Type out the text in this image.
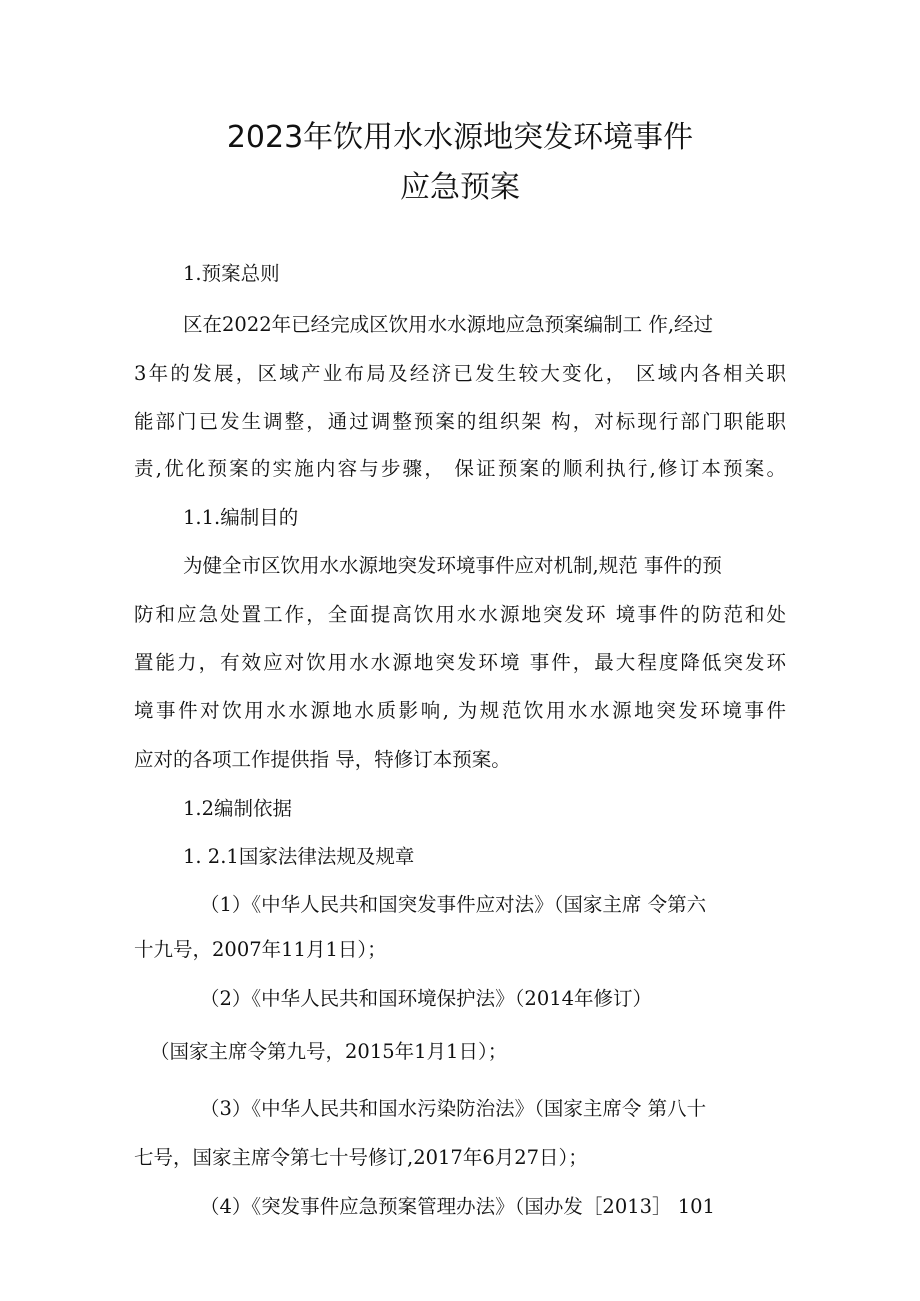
2023年饮用水水源地突发环境事件
应急预案
1.预案总则
区在2022年已经完成区饮用水水源地应急预案编制工 作,经过
3年的发展，区域产业布局及经济已发生较大变化， 区域内各相关职
能部门已发生调整，通过调整预案的组织架 构，对标现行部门职能职
责,优化预案的实施内容与步骤， 保证预案的顺利执行,修订本预案。
1.1.编制目的
为健全市区饮用水水源地突发环境事件应对机制,规范 事件的预
防和应急处置工作，全面提高饮用水水源地突发环 境事件的防范和处
置能力，有效应对饮用水水源地突发环境 事件，最大程度降低突发环
境事件对饮用水水源地水质影响, 为规范饮用水水源地突发环境事件
应对的各项工作提供指 导，特修订本预案。
1.2编制依据
1. 2.1国家法律法规及规章
（1）《中华人民共和国突发事件应对法》（国家主席 令第六
十九号，2007年11月1日）；
（2）《中华人民共和国环境保护法》（2014年修订）
（国家主席令第九号，2015年1月1日）；
（3）《中华人民共和国水污染防治法》（国家主席令 第八十
七号，国家主席令第七十号修订,2017年6月27日）；
（4）《突发事件应急预案管理办法》（国办发［2013］ 101
